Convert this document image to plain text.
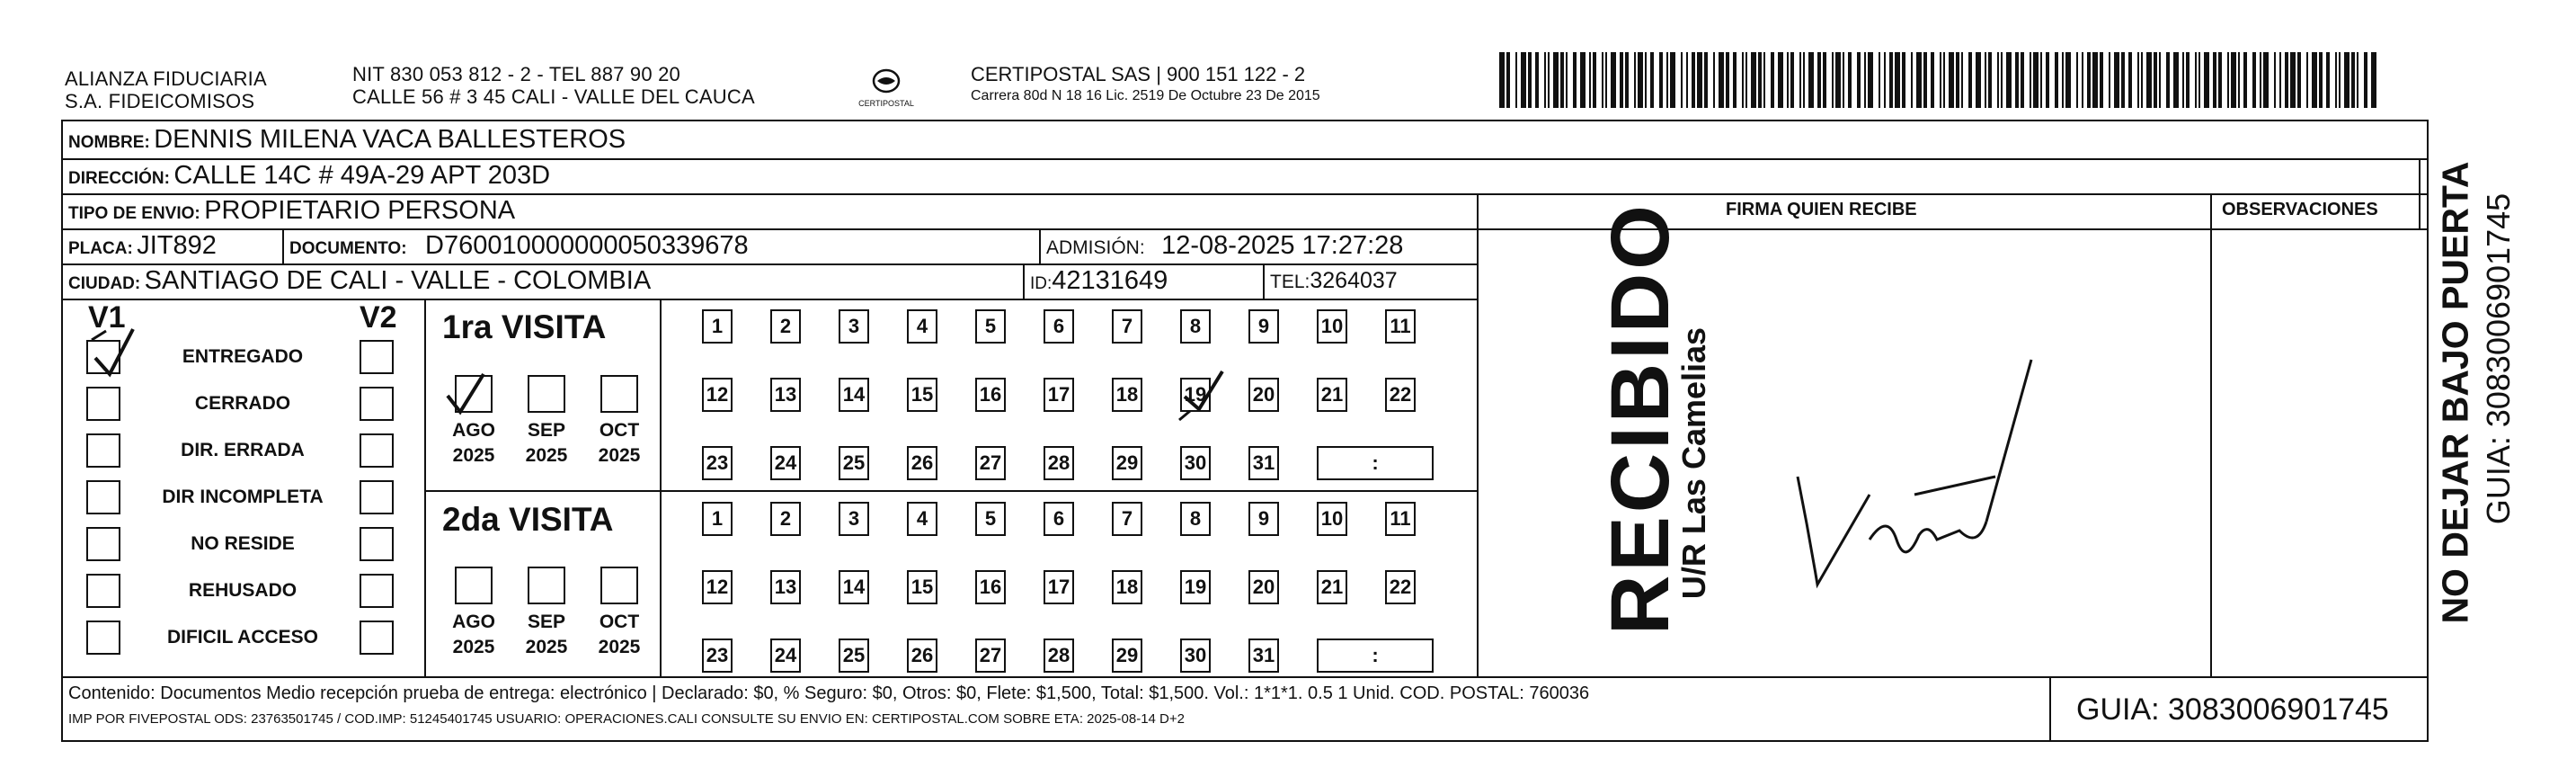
ALIANZA FIDUCIARIA
S.A. FIDEICOMISOS
NIT 830 053 812 - 2 - TEL 887 90 20
CALLE 56 # 3 45 CALI - VALLE DEL CAUCA	CERTIPOSTAL
CERTIPOSTAL SAS | 900 151 122 - 2
Carrera 80d N 18 16 Lic. 2519 De Octubre 23 De 2015
NOMBRE: DENNIS MILENA VACA BALLESTEROS
DIRECCIÓN: CALLE 14C # 49A-29 APT 203D
TIPO DE ENVIO: PROPIETARIO PERSONA	FIRMA QUIEN RECIBE	OBSERVACIONES
PLACA: JIT892	DOCUMENTO: D760010000000050339678	ADMISIÓN: 12-08-2025 17:27:28
CIUDAD: SANTIAGO DE CALI - VALLE - COLOMBIA	ID:42131649	TEL:3264037
V1	V2
ENTREGADO
CERRADO
DIR. ERRADA
DIR INCOMPLETA
NO RESIDE
REHUSADO
DIFICIL ACCESO
1ra VISITA
2da VISITA
AGO
2025
SEP
2025
OCT
2025
AGO
2025
SEP
2025
OCT
2025
1	2	3	4	5	6	7	8	9	10 11
12 13 14 15 16 17 18 19 20 21 22
23 24 25 26 27 28 29 30 31	:
1	2	3	4	5	6	7	8	9	10 11
12 13 14 15 16 17 18 19 20 21 22
23 24 25 26 27 28 29 30 31	:
RECIBIDO
U/R Las Camelias	NO DEJAR BAJO PUERTA GUIA: 3083006901745
Contenido: Documentos Medio recepción prueba de entrega: electrónico | Declarado: $0, % Seguro: $0, Otros: $0, Flete: $1,500, Total: $1,500. Vol.: 1*1*1. 0.5 1 Unid. COD. POSTAL: 760036
IMP POR FIVEPOSTAL ODS: 23763501745 / COD.IMP: 51245401745 USUARIO: OPERACIONES.CALI CONSULTE SU ENVIO EN: CERTIPOSTAL.COM SOBRE ETA: 2025-08-14 D+2	GUIA: 3083006901745
